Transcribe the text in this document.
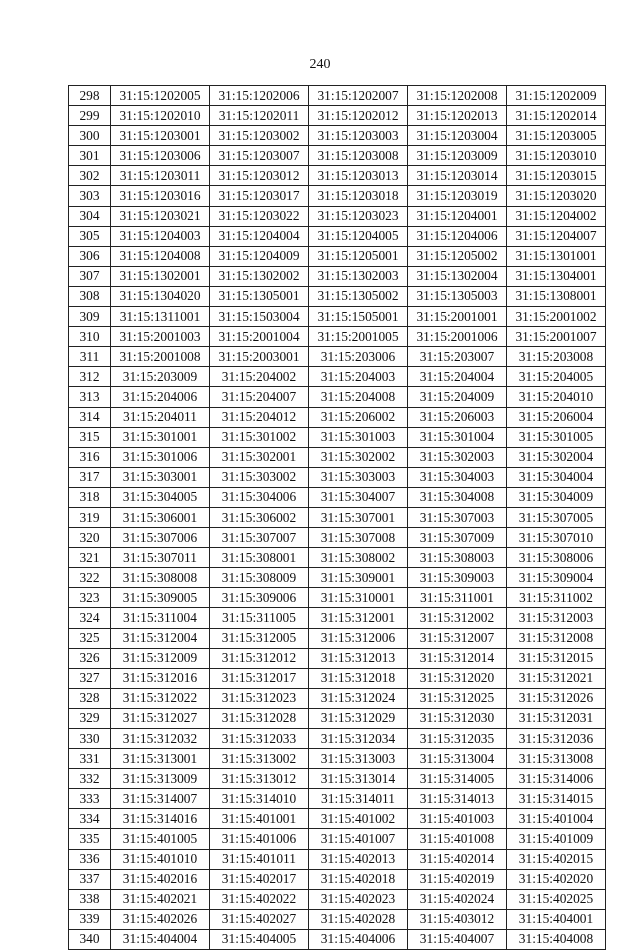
240
298	31:15:1202005	31:15:1202006	31:15:1202007	31:15:1202008	31:15:1202009
299	31:15:1202010	31:15:1202011	31:15:1202012	31:15:1202013	31:15:1202014
300	31:15:1203001	31:15:1203002	31:15:1203003	31:15:1203004	31:15:1203005
301	31:15:1203006	31:15:1203007	31:15:1203008	31:15:1203009	31:15:1203010
302	31:15:1203011	31:15:1203012	31:15:1203013	31:15:1203014	31:15:1203015
303	31:15:1203016	31:15:1203017	31:15:1203018	31:15:1203019	31:15:1203020
304	31:15:1203021	31:15:1203022	31:15:1203023	31:15:1204001	31:15:1204002
305	31:15:1204003	31:15:1204004	31:15:1204005	31:15:1204006	31:15:1204007
306	31:15:1204008	31:15:1204009	31:15:1205001	31:15:1205002	31:15:1301001
307	31:15:1302001	31:15:1302002	31:15:1302003	31:15:1302004	31:15:1304001
308	31:15:1304020	31:15:1305001	31:15:1305002	31:15:1305003	31:15:1308001
309	31:15:1311001	31:15:1503004	31:15:1505001	31:15:2001001	31:15:2001002
310	31:15:2001003	31:15:2001004	31:15:2001005	31:15:2001006	31:15:2001007
311	31:15:2001008	31:15:2003001	31:15:203006	31:15:203007	31:15:203008
312	31:15:203009	31:15:204002	31:15:204003	31:15:204004	31:15:204005
313	31:15:204006	31:15:204007	31:15:204008	31:15:204009	31:15:204010
314	31:15:204011	31:15:204012	31:15:206002	31:15:206003	31:15:206004
315	31:15:301001	31:15:301002	31:15:301003	31:15:301004	31:15:301005
316	31:15:301006	31:15:302001	31:15:302002	31:15:302003	31:15:302004
317	31:15:303001	31:15:303002	31:15:303003	31:15:304003	31:15:304004
318	31:15:304005	31:15:304006	31:15:304007	31:15:304008	31:15:304009
319	31:15:306001	31:15:306002	31:15:307001	31:15:307003	31:15:307005
320	31:15:307006	31:15:307007	31:15:307008	31:15:307009	31:15:307010
321	31:15:307011	31:15:308001	31:15:308002	31:15:308003	31:15:308006
322	31:15:308008	31:15:308009	31:15:309001	31:15:309003	31:15:309004
323	31:15:309005	31:15:309006	31:15:310001	31:15:311001	31:15:311002
324	31:15:311004	31:15:311005	31:15:312001	31:15:312002	31:15:312003
325	31:15:312004	31:15:312005	31:15:312006	31:15:312007	31:15:312008
326	31:15:312009	31:15:312012	31:15:312013	31:15:312014	31:15:312015
327	31:15:312016	31:15:312017	31:15:312018	31:15:312020	31:15:312021
328	31:15:312022	31:15:312023	31:15:312024	31:15:312025	31:15:312026
329	31:15:312027	31:15:312028	31:15:312029	31:15:312030	31:15:312031
330	31:15:312032	31:15:312033	31:15:312034	31:15:312035	31:15:312036
331	31:15:313001	31:15:313002	31:15:313003	31:15:313004	31:15:313008
332	31:15:313009	31:15:313012	31:15:313014	31:15:314005	31:15:314006
333	31:15:314007	31:15:314010	31:15:314011	31:15:314013	31:15:314015
334	31:15:314016	31:15:401001	31:15:401002	31:15:401003	31:15:401004
335	31:15:401005	31:15:401006	31:15:401007	31:15:401008	31:15:401009
336	31:15:401010	31:15:401011	31:15:402013	31:15:402014	31:15:402015
337	31:15:402016	31:15:402017	31:15:402018	31:15:402019	31:15:402020
338	31:15:402021	31:15:402022	31:15:402023	31:15:402024	31:15:402025
339	31:15:402026	31:15:402027	31:15:402028	31:15:403012	31:15:404001
340	31:15:404004	31:15:404005	31:15:404006	31:15:404007	31:15:404008
